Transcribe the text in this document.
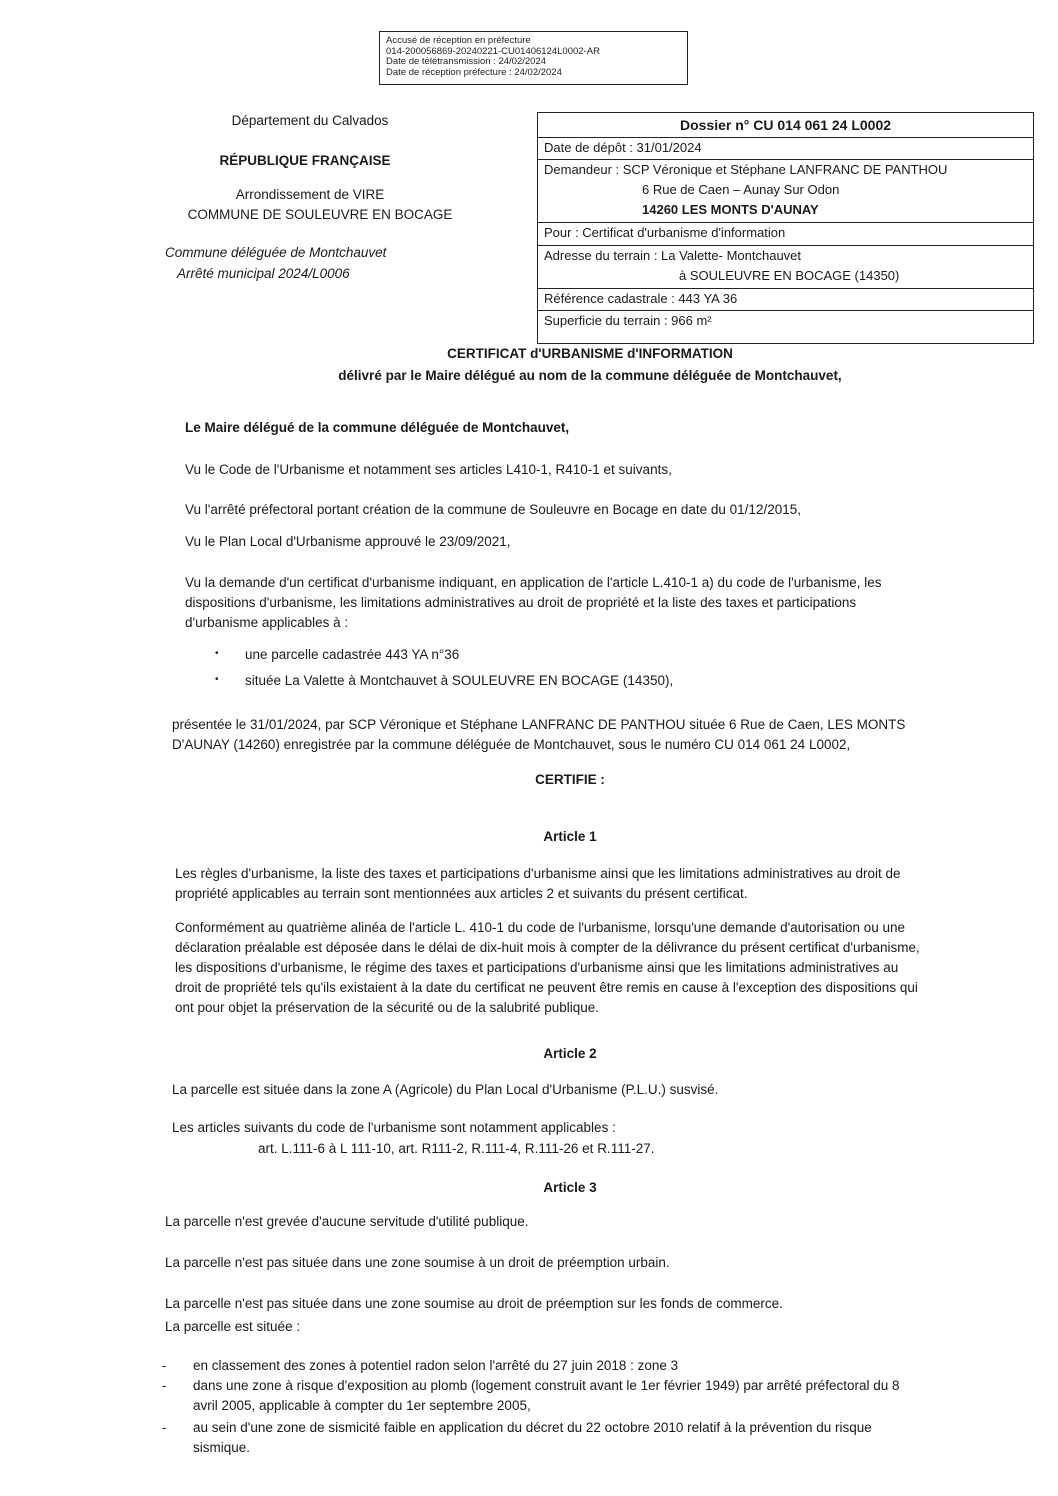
Accusé de réception en préfecture
014-200056869-20240221-CU01406124L0002-AR
Date de télétransmission : 24/02/2024
Date de réception préfecture : 24/02/2024
Département du Calvados
RÉPUBLIQUE FRANÇAISE
Arrondissement de VIRE
COMMUNE DE SOULEUVRE EN BOCAGE
Commune déléguée de Montchauvet
Arrêté municipal 2024/L0006
Dossier n° CU 014 061 24 L0002
Date de dépôt : 31/01/2024
Demandeur : SCP Véronique et Stéphane LANFRANC DE PANTHOU
6 Rue de Caen – Aunay Sur Odon
14260 LES MONTS D'AUNAY
Pour : Certificat d'urbanisme d'information
Adresse du terrain : La Valette- Montchauvet
à SOULEUVRE EN BOCAGE (14350)
Référence cadastrale : 443 YA 36
Superficie du terrain : 966 m²
CERTIFICAT d'URBANISME d'INFORMATION
délivré par le Maire délégué au nom de la commune déléguée de Montchauvet,
Le Maire délégué de la commune déléguée de Montchauvet,
Vu le Code de l'Urbanisme et notamment ses articles L410-1, R410-1 et suivants,
Vu l'arrêté préfectoral portant création de la commune de Souleuvre en Bocage en date du 01/12/2015,
Vu le Plan Local d'Urbanisme approuvé le 23/09/2021,
Vu la demande d'un certificat d'urbanisme indiquant, en application de l'article L.410-1 a) du code de l'urbanisme, les
dispositions d'urbanisme, les limitations administratives au droit de propriété et la liste des taxes et participations
d'urbanisme applicables à :
• une parcelle cadastrée 443 YA n°36
• située La Valette à Montchauvet à SOULEUVRE EN BOCAGE (14350),
présentée le 31/01/2024, par SCP Véronique et Stéphane LANFRANC DE PANTHOU située 6 Rue de Caen, LES MONTS
D'AUNAY (14260) enregistrée par la commune déléguée de Montchauvet, sous le numéro CU 014 061 24 L0002,
CERTIFIE :
Article 1
Les règles d'urbanisme, la liste des taxes et participations d'urbanisme ainsi que les limitations administratives au droit de
propriété applicables au terrain sont mentionnées aux articles 2 et suivants du présent certificat.
Conformément au quatrième alinéa de l'article L. 410-1 du code de l'urbanisme, lorsqu'une demande d'autorisation ou une
déclaration préalable est déposée dans le délai de dix-huit mois à compter de la délivrance du présent certificat d'urbanisme,
les dispositions d'urbanisme, le régime des taxes et participations d'urbanisme ainsi que les limitations administratives au
droit de propriété tels qu'ils existaient à la date du certificat ne peuvent être remis en cause à l'exception des dispositions qui
ont pour objet la préservation de la sécurité ou de la salubrité publique.
Article 2
La parcelle est située dans la zone A (Agricole) du Plan Local d'Urbanisme (P.L.U.) susvisé.
Les articles suivants du code de l'urbanisme sont notamment applicables :
art. L.111-6 à L 111-10, art. R111-2, R.111-4, R.111-26 et R.111-27.
Article 3
La parcelle n'est grevée d'aucune servitude d'utilité publique.
La parcelle n'est pas située dans une zone soumise à un droit de préemption urbain.
La parcelle n'est pas située dans une zone soumise au droit de préemption sur les fonds de commerce.
La parcelle est située :
- en classement des zones à potentiel radon selon l'arrêté du 27 juin 2018 : zone 3
- dans une zone à risque d'exposition au plomb (logement construit avant le 1er février 1949) par arrêté préfectoral du 8
avril 2005, applicable à compter du 1er septembre 2005,
- au sein d'une zone de sismicité faible en application du décret du 22 octobre 2010 relatif à la prévention du risque
sismique.
